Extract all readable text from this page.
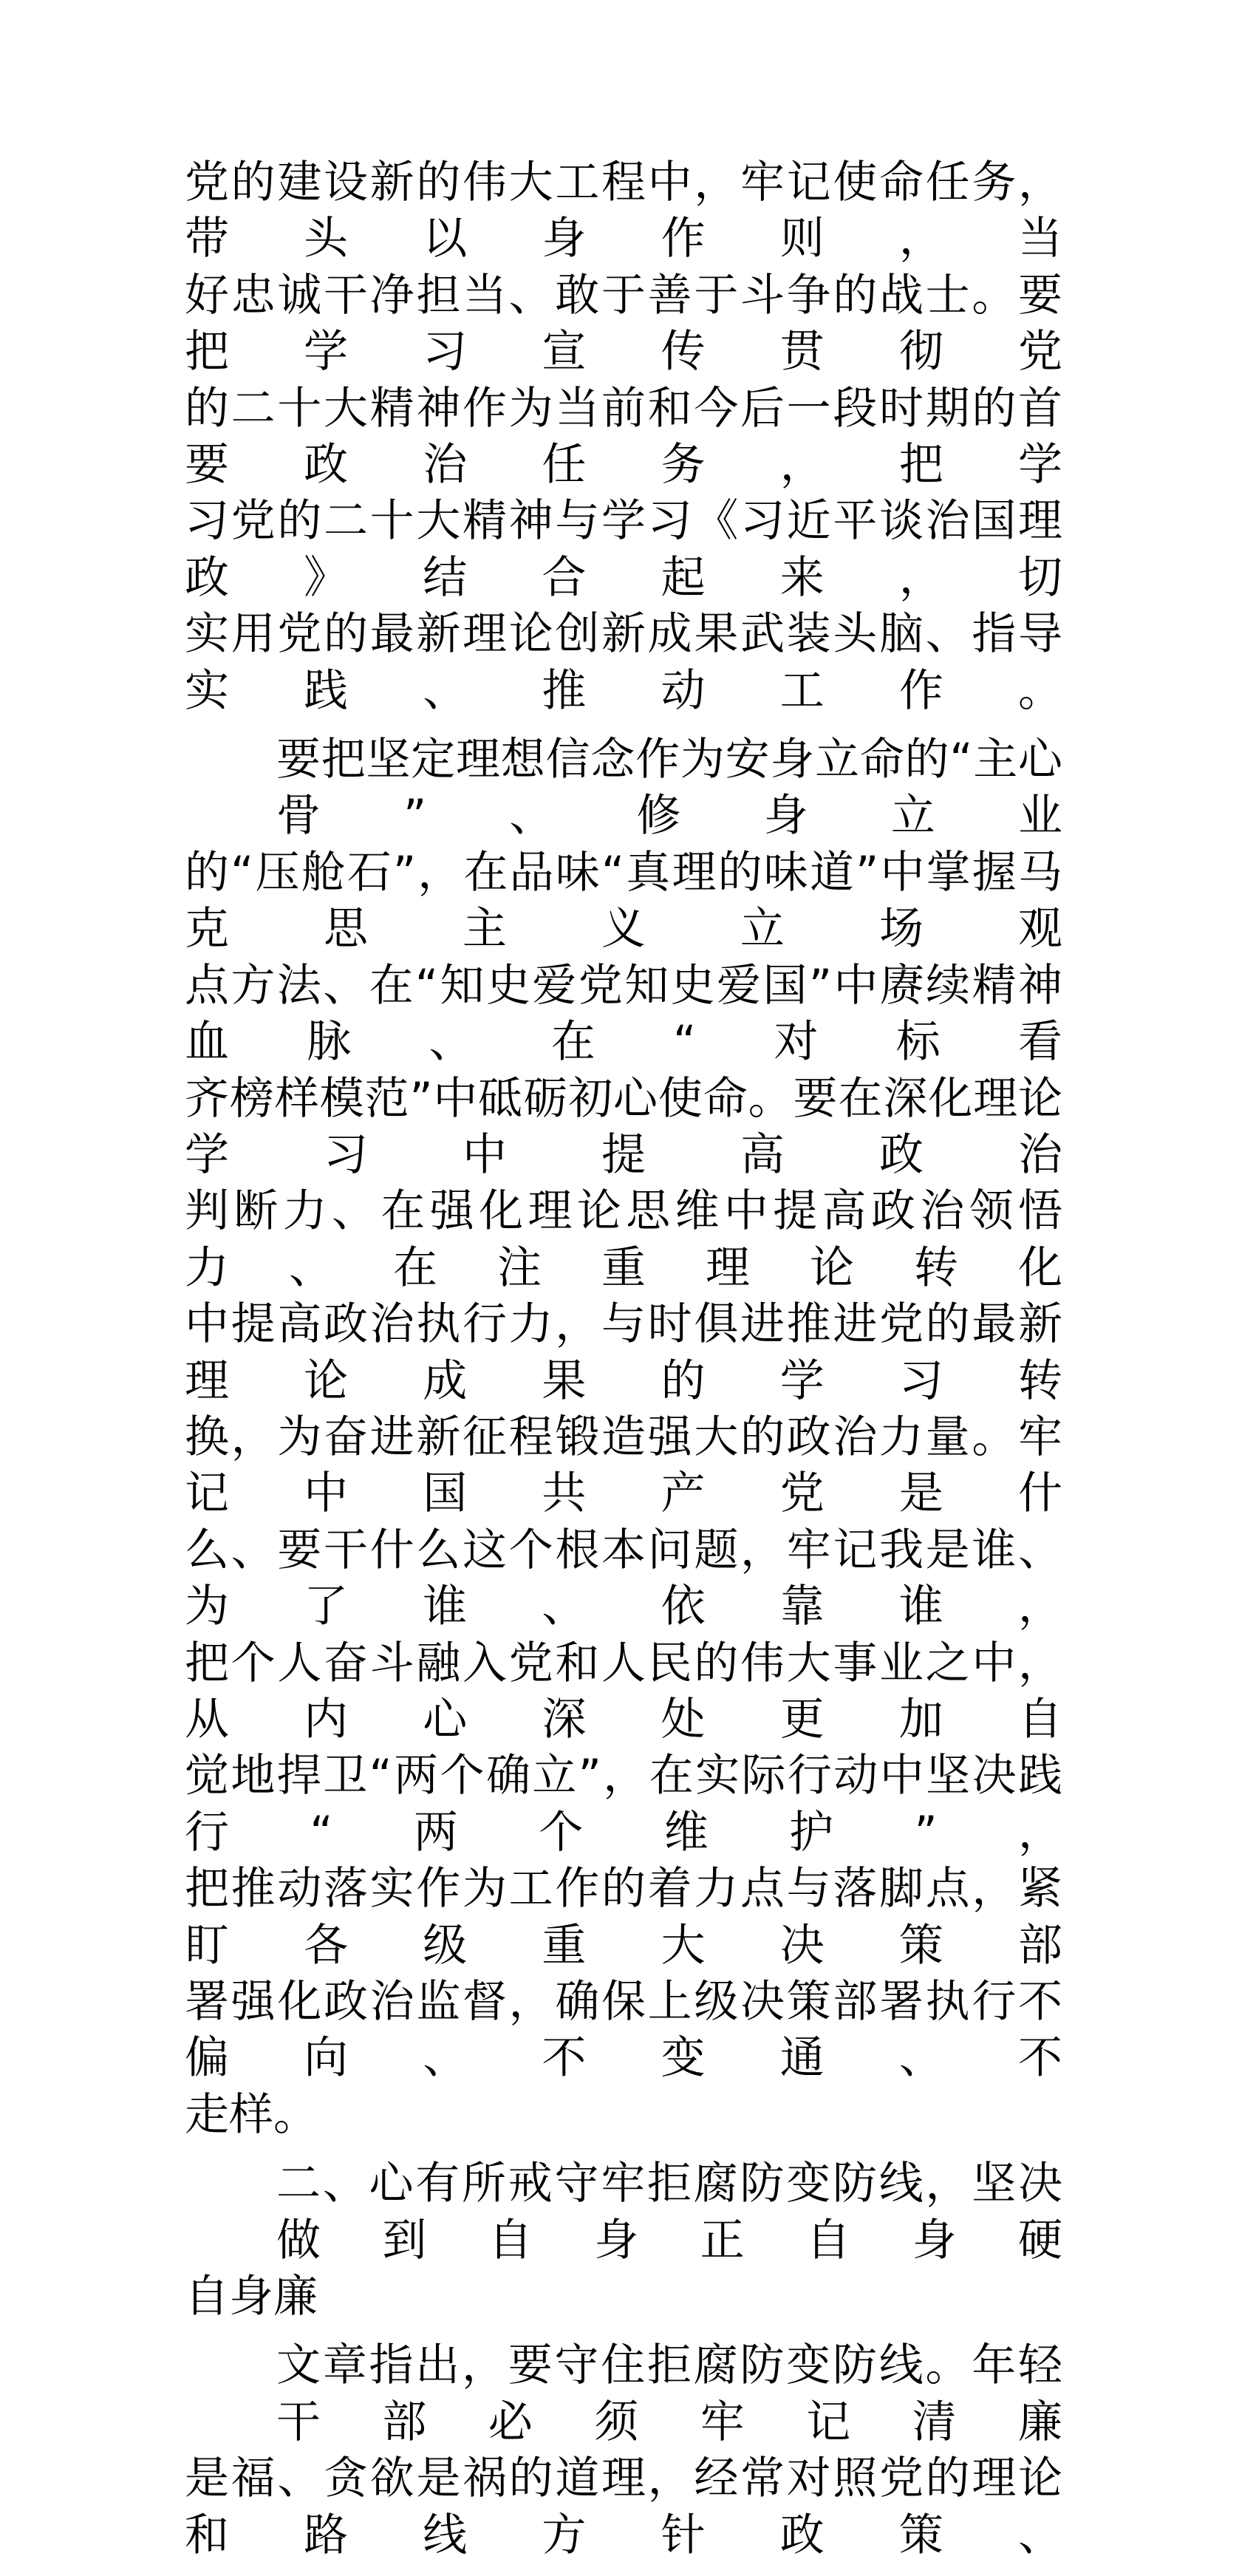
党的建设新的伟大工程中，牢记使命任务，带头以身作则，当
好忠诚干净担当、敢于善于斗争的战士。要把学习宣传贯彻党
的二十大精神作为当前和今后一段时期的首要政治任务，把学
习党的二十大精神与学习《习近平谈治国理政》结合起来，切
实用党的最新理论创新成果武装头脑、指导实践、推动工作。
要把坚定理想信念作为安身立命的“主心骨”、修身立业
的“压舱石”，在品味“真理的味道”中掌握马克思主义立场观
点方法、在“知史爱党知史爱国”中赓续精神血脉、在“对标看
齐榜样模范”中砥砺初心使命。要在深化理论学习中提高政治
判断力、在强化理论思维中提高政治领悟力、在注重理论转化
中提高政治执行力，与时俱进推进党的最新理论成果的学习转
换，为奋进新征程锻造强大的政治力量。牢记中国共产党是什
么、要干什么这个根本问题，牢记我是谁、为了谁、依靠谁，
把个人奋斗融入党和人民的伟大事业之中，从内心深处更加自
觉地捍卫“两个确立”，在实际行动中坚决践行“两个维护”，
把推动落实作为工作的着力点与落脚点，紧盯各级重大决策部
署强化政治监督，确保上级决策部署执行不偏向、不变通、不
走样。
二、心有所戒守牢拒腐防变防线，坚决做到自身正自身硬
自身廉
文章指出，要守住拒腐防变防线。年轻干部必须牢记清廉
是福、贪欲是祸的道理，经常对照党的理论和路线方针政策、
